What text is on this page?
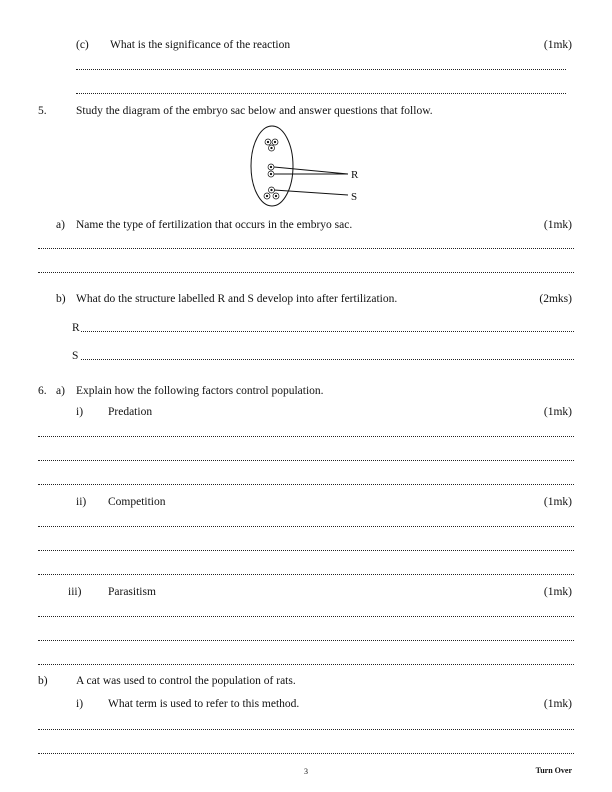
(c) What is the significance of the reaction	(1mk)
5.	Study the diagram of the embryo sac below and answer questions that follow.
R
S
a) Name the type of fertilization that occurs in the embryo sac.	(1mk)
b) What do the structure labelled R and S develop into after fertilization.	(2mks)
R
S
6. a) Explain how the following factors control population.
i) Predation	(1mk)
ii) Competition	(1mk)
iii) Parasitism	(1mk)
b) A cat was used to control the population of rats.
i) What term is used to refer to this method.	(1mk)
3	Turn Over
